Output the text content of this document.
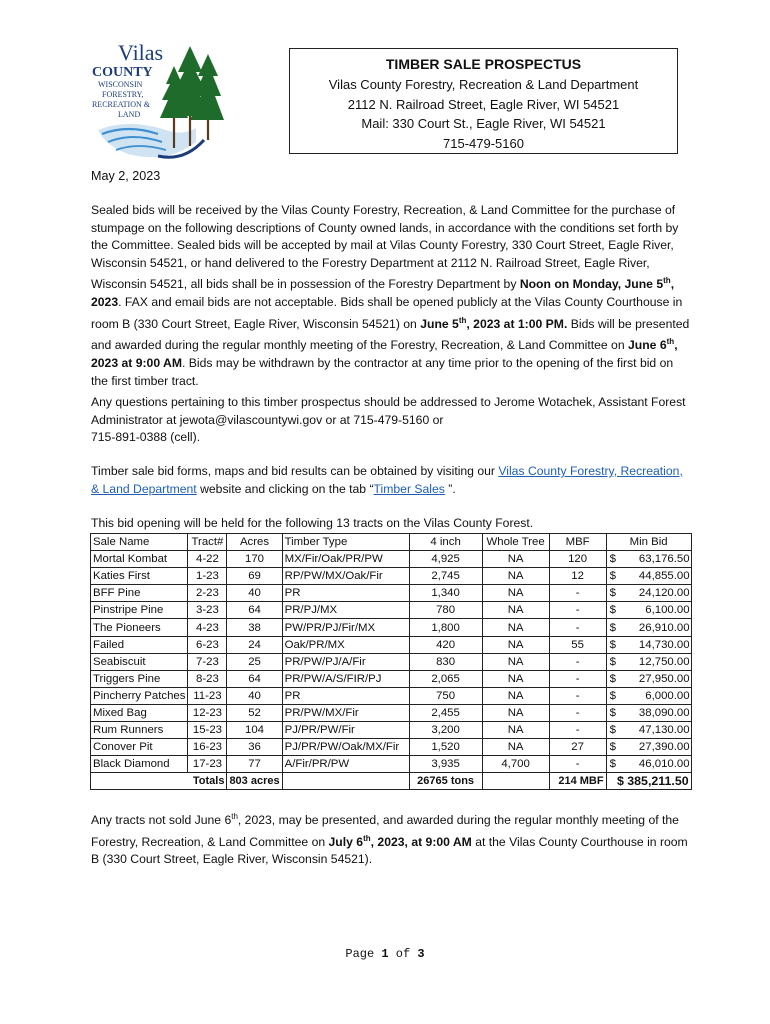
Vilas
COUNTY
WISCONSIN
FORESTRY,
RECREATION &
LAND
TIMBER SALE PROSPECTUS
Vilas County Forestry, Recreation & Land Department
2112 N. Railroad Street, Eagle River, WI 54521
Mail: 330 Court St., Eagle River, WI 54521
715-479-5160
May 2, 2023
Sealed bids will be received by the Vilas County Forestry, Recreation, & Land Committee for the purchase of stumpage on the following descriptions of County owned lands, in accordance with the conditions set forth by the Committee. Sealed bids will be accepted by mail at Vilas County Forestry, 330 Court Street, Eagle River, Wisconsin 54521, or hand delivered to the Forestry Department at 2112 N. Railroad Street, Eagle River, Wisconsin 54521, all bids shall be in possession of the Forestry Department by Noon on Monday, June 5th, 2023. FAX and email bids are not acceptable. Bids shall be opened publicly at the Vilas County Courthouse in room B (330 Court Street, Eagle River, Wisconsin 54521) on June 5th, 2023 at 1:00 PM. Bids will be presented and awarded during the regular monthly meeting of the Forestry, Recreation, & Land Committee on June 6th, 2023 at 9:00 AM. Bids may be withdrawn by the contractor at any time prior to the opening of the first bid on the first timber tract.
Any questions pertaining to this timber prospectus should be addressed to Jerome Wotachek, Assistant Forest Administrator at jewota@vilascountywi.gov or at 715-479-5160 or
715-891-0388 (cell).
Timber sale bid forms, maps and bid results can be obtained by visiting our Vilas County Forestry, Recreation, & Land Department website and clicking on the tab “Timber Sales ”.
This bid opening will be held for the following 13 tracts on the Vilas County Forest.
Sale Name	Tract#	Acres	Timber Type	4 inch	Whole Tree	MBF	Min Bid	
Mortal Kombat	4-22	170	MX/Fir/Oak/PR/PW	4,925	NA	120	$	63,176.50
Katies First	1-23	69	RP/PW/MX/Oak/Fir	2,745	NA	12	$	44,855.00
BFF Pine	2-23	40	PR	1,340	NA	-	$	24,120.00
Pinstripe Pine	3-23	64	PR/PJ/MX	780	NA	-	$	6,100.00
The Pioneers	4-23	38	PW/PR/PJ/Fir/MX	1,800	NA	-	$	26,910.00
Failed	6-23	24	Oak/PR/MX	420	NA	55	$	14,730.00
Seabiscuit	7-23	25	PR/PW/PJ/A/Fir	830	NA	-	$	12,750.00
Triggers Pine	8-23	64	PR/PW/A/S/FIR/PJ	2,065	NA	-	$	27,950.00
Pincherry Patches	11-23	40	PR	750	NA	-	$	6,000.00
Mixed Bag	12-23	52	PR/PW/MX/Fir	2,455	NA	-	$	38,090.00
Rum Runners	15-23	104	PJ/PR/PW/Fir	3,200	NA	-	$	47,130.00
Conover Pit	16-23	36	PJ/PR/PW/Oak/MX/Fir	1,520	NA	27	$	27,390.00
Black Diamond	17-23	77	A/Fir/PR/PW	3,935	4,700	-	$	46,010.00
Totals		803 acres		26765 tons		214 MBF	$ 385,211.50	
Any tracts not sold June 6th, 2023, may be presented, and awarded during the regular monthly meeting of the Forestry, Recreation, & Land Committee on July 6th, 2023, at 9:00 AM at the Vilas County Courthouse in room B (330 Court Street, Eagle River, Wisconsin 54521).
Page 1 of 3
